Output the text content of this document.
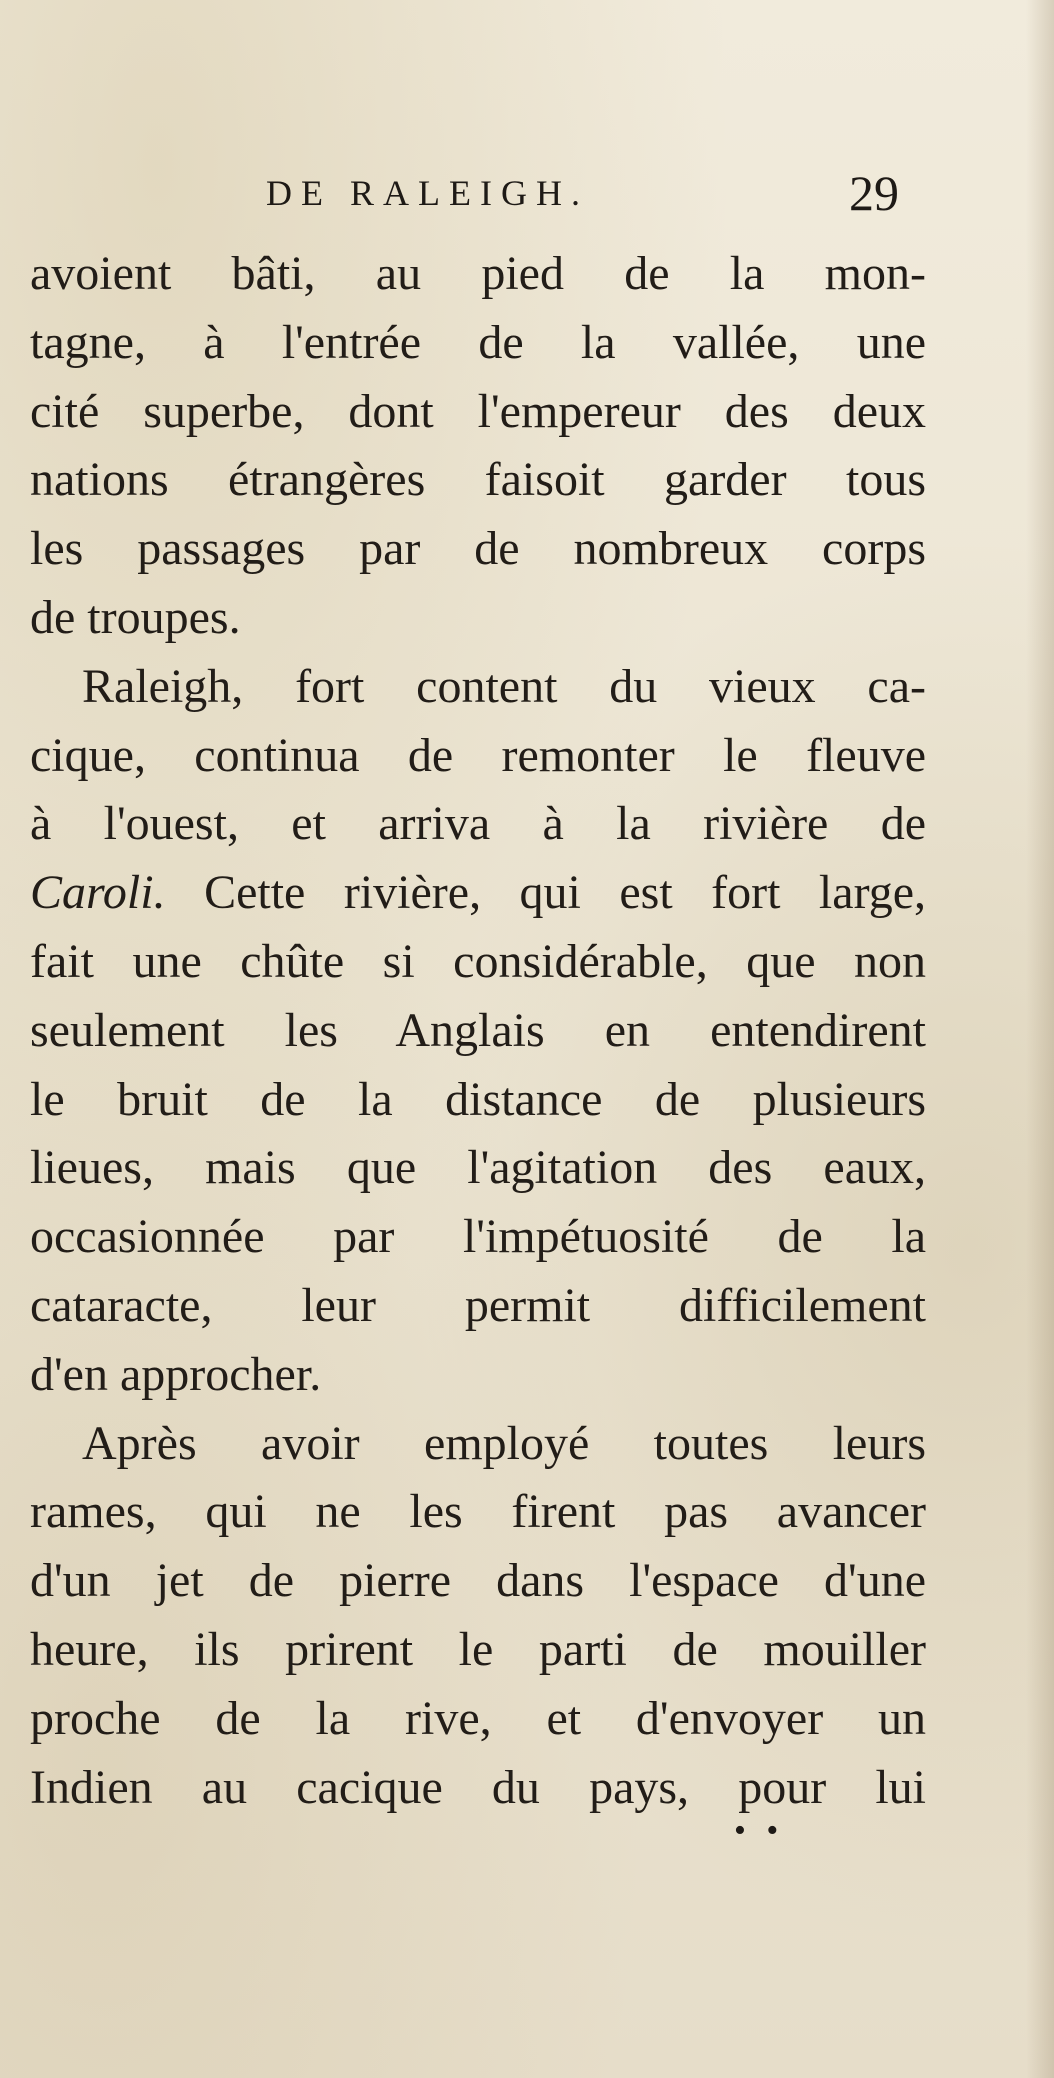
DE RALEIGH.	29
avoient bâti, au pied de la mon-
tagne, à l'entrée de la vallée, une
cité superbe, dont l'empereur des deux
nations étrangères faisoit garder tous
les passages par de nombreux corps
de troupes.
Raleigh, fort content du vieux ca-
cique, continua de remonter le fleuve
à l'ouest, et arriva à la rivière de
Caroli. Cette rivière, qui est fort large,
fait une chûte si considérable, que non
seulement les Anglais en entendirent
le bruit de la distance de plusieurs
lieues, mais que l'agitation des eaux,
occasionnée par l'impétuosité de la
cataracte, leur permit difficilement
d'en approcher.
Après avoir employé toutes leurs
rames, qui ne les firent pas avancer
d'un jet de pierre dans l'espace d'une
heure, ils prirent le parti de mouiller
proche de la rive, et d'envoyer un
Indien au cacique du pays, pour lui
• •
